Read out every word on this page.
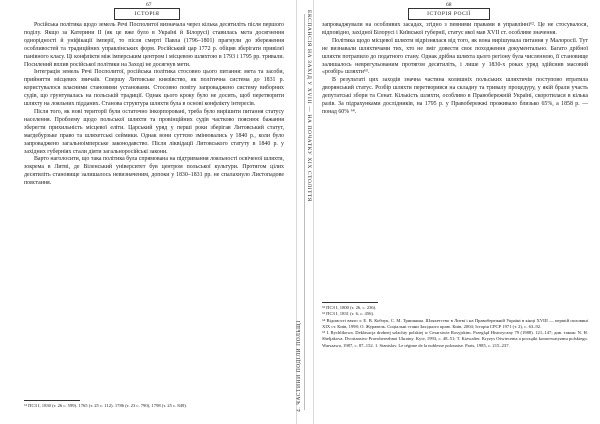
67
ІСТОРІЯ

Російська політика щодо земель Речі Посполитої визначала через кілька десятиліть після першого поділу. Якщо за Катерини II (як це вже було в Україні й Білорусі) ставилась мета досягнення однорідності й уніфікації імперії, то після смерті Павла (1796–1801) прагнули до збереження особливостей та традиційних управлінських форм. Російський цар 1772 р. обіцяв зберігати привілеї панівного класу. Ці конфлікти між імперським центром і місцевою шляхтою в 1793 і 1795 рр. тривали. Посилений вплив російської політики на Заході не досягнув мети.

Інтеграція земель Речі Посполитої, російська політика стосовно цього питання: мета та засоби, прийняття місцевих звичаїв. Спершу Литовське князівство, як політична система до 1831 р. користувалося власними становими установами. Стосовно повіту запроваджено систему виборних судів, що грунтувалась на польській традиції. Однак цього кроку було не досить, щоб перетворити шляхту на лояльних підданих. Станова структура шляхти була в основі конфлікту інтересів.

Після того, як нові території були остаточно інкорпоровані, треба було вирішити питання статусу населення. Проблему щодо польської шляхти та провінційних судів частково пояснює бажання зберегти прихильність місцевої еліти. Царський уряд у перші роки зберігав Литовський статут, магдебурзьке право та шляхетські сеймики. Однак вони суттєво змінювались у 1840 р., коли було запроваджено загальноімперське законодавство. Після ліквідації Литовського статуту в 1840 р. у західних губерніях стали діяти загальноросійські закони.

Варто наголосити, що така політика була спрямована на підтримання лояльності освіченої шляхти, зокрема в Литві, де Віленський університет був центром польської культури. Протягом цілих десятиліть становище залишалось невизначеним, допоки у 1830–1831 рр. не спалахнуло Листопадове повстання.

⁶¹ ПСЗ I, 1830 (т. 26 с. 599). 1765 (т. 25 с. 112). 1786 (т. 23 с. 790), 1798 (т. 25 с. 849).	4. ЧАСТИНИ ПОДІЛИ ПОЛЬЩІ
ЕКСПАНСІЯ НА ЗАХІД У XVIII — НА ПОЧАТКУ XIX СТОЛІТТЯ
68
ІСТОРІЯ РОСІЇ

запроваджували на особливих засадах, згідно з певними правами в управлінні⁶². Це не стосувалося, відповідно, західної Білорусі і Київської губернії, статус якої мав XVII ст. особливе значення.

Політика щодо місцевої шляхти відрізнялася від того, як вона вирішувала питання у Малоросії. Тут не визнавали шляхтичами тих, хто не зміг довести своє походження документально. Багато дрібної шляхти потрапило до податного стану. Однак дрібна шляхта цього регіону була численною, її становище залишалось неврегульованим протягом десятиліть, і лише у 1830-х роках уряд здійснив масовий «розбір» шляхти⁶³.

В результаті цих заходів значна частина колишніх польських шляхтичів поступово втратила дворянський статус. Розбір шляхти перетворився на складну та тривалу процедуру, у якій брали участь депутатські збори та Сенат. Кількість шляхти, особливо в Правобережній Україні, скоротилася в кілька разів. За підрахунками дослідників, на 1795 р. у Правобережжі проживало близько 65%, а 1858 р. — понад 60% ⁶⁴.

⁶² ПСЗ I, 1800 (т. 26, с. 236).
⁶³ ПСЗ I, 1831 (т. 6, с. 456).
⁶⁴ Відомості взято з: Е. В. Кобчук, С. М. Тришкина. Шляхетство в Литві і на Правобережній Україні в кінці XVIII — першій половині XIX ст. Київ, 1998; О. Журавель. Соціальні стани Західного краю. Київ, 2004; Історія СРСР 1971 (т. 2), с. 63–92.
⁶⁵ I. Rychlikowa. Deklasacja drobnej szlachty polskiej w Cesarstwie Rosyjskim. Przegląd Historyczny 79 (1988). 121–147; див. також: N. H. Sheljakova. Dvorianstvo Pravoberezhnoi Ukrainy. Kyiv, 1993, с. 48–51; T. Kizwalter. Kryzys Oświecenia a początki konserwatyzmu polskiego. Warszawa, 1987, с. 87–152. 1. Stanislav. Le régime de la noblesse polonaise. Paris, 1985, с. 215–237.
